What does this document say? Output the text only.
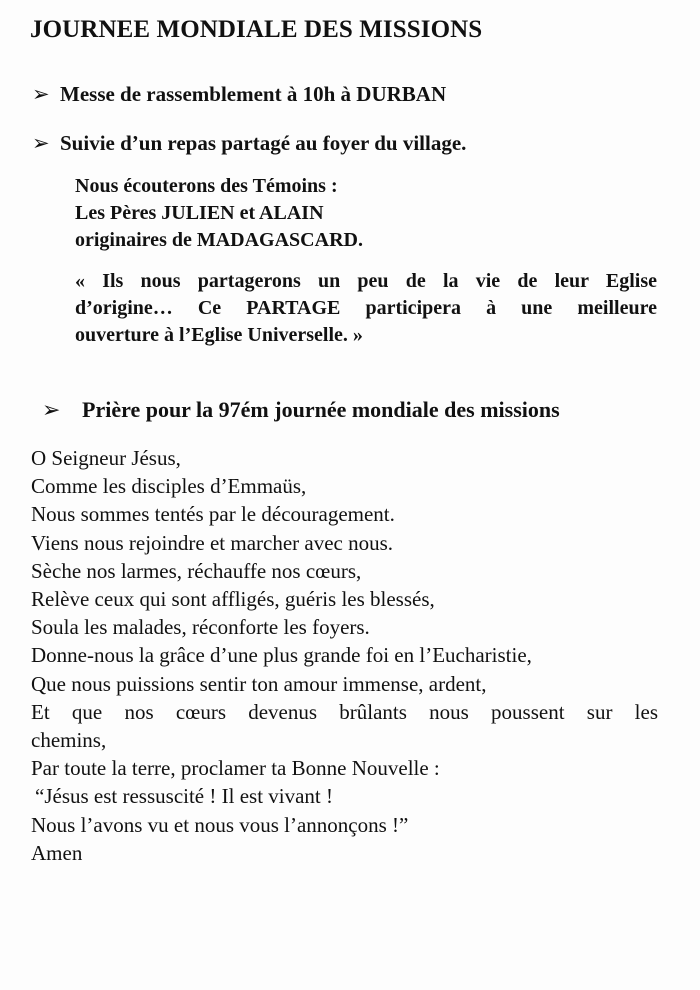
JOURNEE MONDIALE DES MISSIONS
➢ Messe de rassemblement à 10h à DURBAN
➢ Suivie d’un repas partagé au foyer du village.
Nous écouterons des Témoins :
Les Pères JULIEN et ALAIN
originaires de MADAGASCARD.
« Ils nous partagerons un peu de la vie de leur Eglise
d’origine… Ce PARTAGE participera à une meilleure
ouverture à l’Eglise Universelle. »
➢ Prière pour la 97ém journée mondiale des missions
O Seigneur Jésus,
Comme les disciples d’Emmaüs,
Nous sommes tentés par le découragement.
Viens nous rejoindre et marcher avec nous.
Sèche nos larmes, réchauffe nos cœurs,
Relève ceux qui sont affligés, guéris les blessés,
Soula les malades, réconforte les foyers.
Donne-nous la grâce d’une plus grande foi en l’Eucharistie,
Que nous puissions sentir ton amour immense, ardent,
Et que nos cœurs devenus brûlants nous poussent sur les
chemins,
Par toute la terre, proclamer ta Bonne Nouvelle :
“Jésus est ressuscité ! Il est vivant !
Nous l’avons vu et nous vous l’annonçons !”
Amen
